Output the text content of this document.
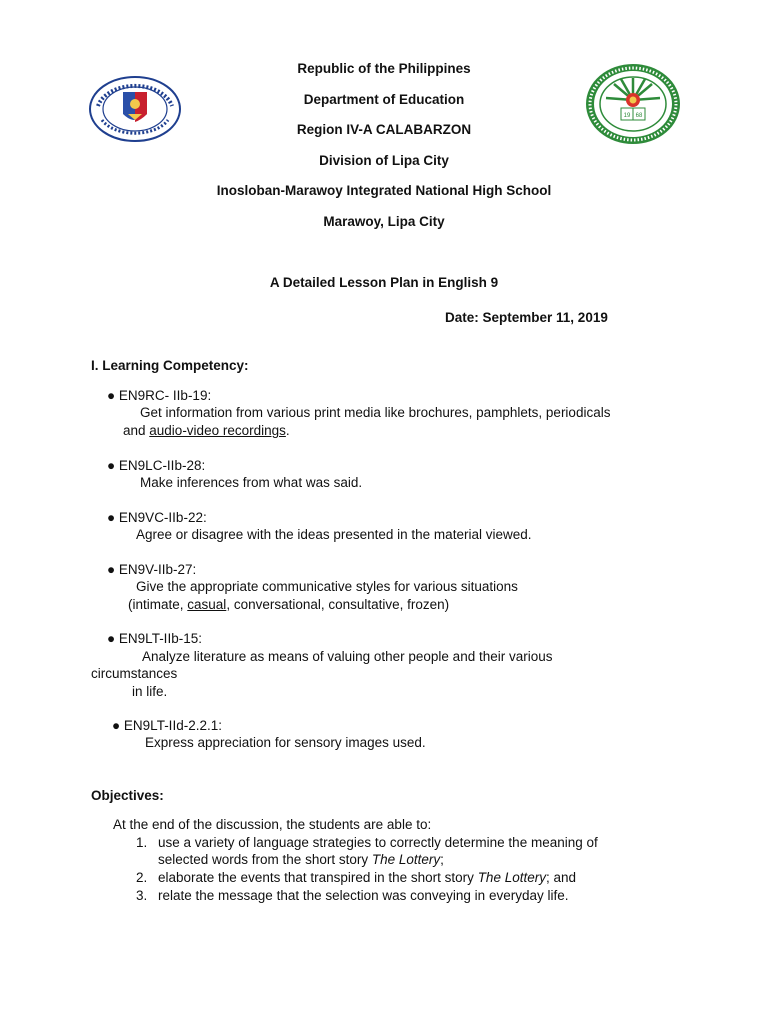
19 68
Republic of the Philippines
Department of Education
Region IV-A CALABARZON
Division of Lipa City
Inosloban-Marawoy Integrated National High School
Marawoy, Lipa City
A Detailed Lesson Plan in English 9
Date: September 11, 2019
I. Learning Competency:
● EN9RC- IIb-19:
Get information from various print media like brochures, pamphlets, periodicals
and audio-video recordings.
● EN9LC-IIb-28:
Make inferences from what was said.
● EN9VC-IIb-22:
Agree or disagree with the ideas presented in the material viewed.
● EN9V-IIb-27:
Give the appropriate communicative styles for various situations
(intimate, casual, conversational, consultative, frozen)
● EN9LT-IIb-15:
Analyze literature as means of valuing other people and their various
circumstances
in life.
● EN9LT-IId-2.2.1:
Express appreciation for sensory images used.
Objectives:
At the end of the discussion, the students are able to:
1. use a variety of language strategies to correctly determine the meaning of
selected words from the short story The Lottery;
2. elaborate the events that transpired in the short story The Lottery; and
3. relate the message that the selection was conveying in everyday life.
